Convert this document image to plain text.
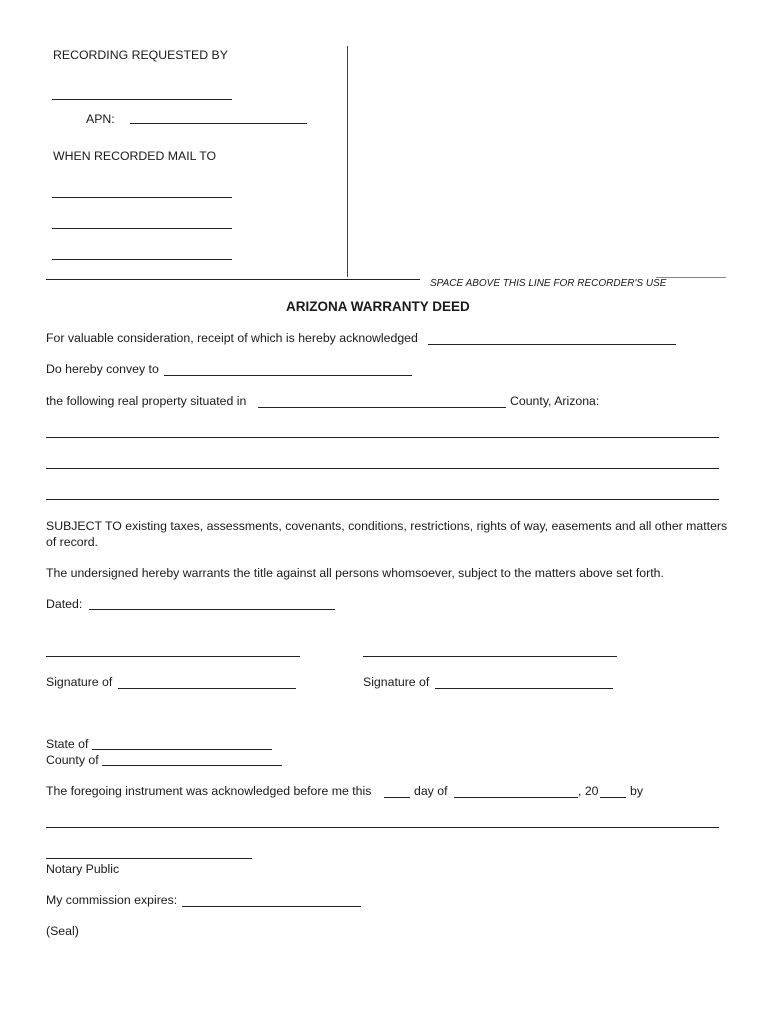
RECORDING REQUESTED BY
APN:
WHEN RECORDED MAIL TO
SPACE ABOVE THIS LINE FOR RECORDER'S USE
ARIZONA WARRANTY DEED
For valuable consideration, receipt of which is hereby acknowledged
Do hereby convey to
the following real property situated in	County, Arizona:
SUBJECT TO existing taxes, assessments, covenants, conditions, restrictions, rights of way, easements and all other matters of record.
The undersigned hereby warrants the title against all persons whomsoever, subject to the matters above set forth.
Dated:
Signature of	Signature of
State of
County of
The foregoing instrument was acknowledged before me this	day of	, 20	by
Notary Public
My commission expires:
(Seal)
